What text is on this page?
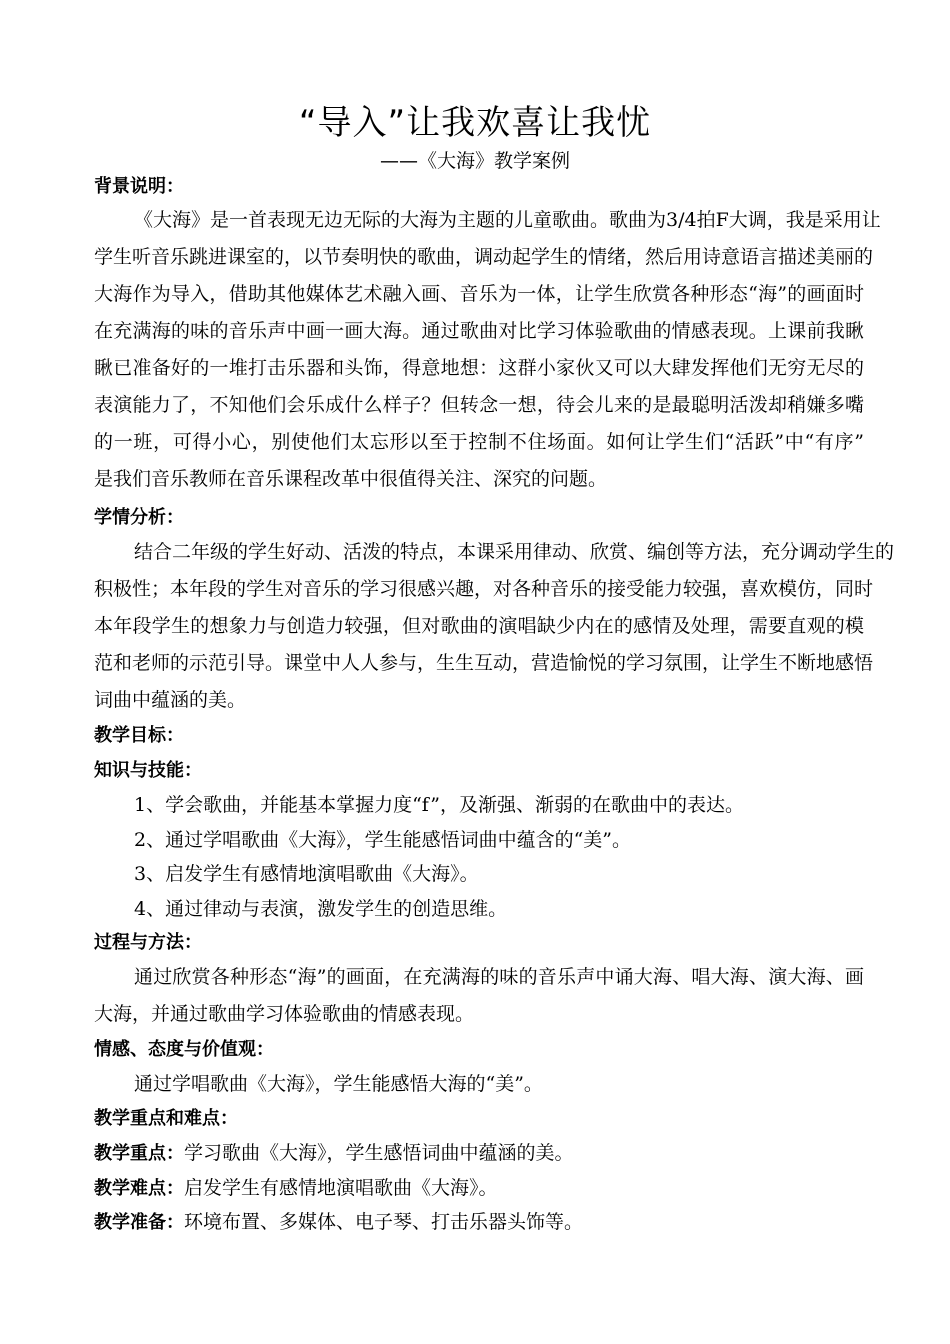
“导入”让我欢喜让我忧
——《大海》教学案例
背景说明：
《大海》是一首表现无边无际的大海为主题的儿童歌曲。歌曲为3/4拍F大调，我是采用让
学生听音乐跳进课室的，以节奏明快的歌曲，调动起学生的情绪，然后用诗意语言描述美丽的
大海作为导入，借助其他媒体艺术融入画、音乐为一体，让学生欣赏各种形态“海”的画面时
在充满海的味的音乐声中画一画大海。通过歌曲对比学习体验歌曲的情感表现。上课前我瞅
瞅已准备好的一堆打击乐器和头饰，得意地想：这群小家伙又可以大肆发挥他们无穷无尽的
表演能力了，不知他们会乐成什么样子？但转念一想，待会儿来的是最聪明活泼却稍嫌多嘴
的一班，可得小心，别使他们太忘形以至于控制不住场面。如何让学生们“活跃”中“有序”
是我们音乐教师在音乐课程改革中很值得关注、深究的问题。
学情分析：
结合二年级的学生好动、活泼的特点，本课采用律动、欣赏、编创等方法，充分调动学生的
积极性；本年段的学生对音乐的学习很感兴趣，对各种音乐的接受能力较强，喜欢模仿，同时
本年段学生的想象力与创造力较强，但对歌曲的演唱缺少内在的感情及处理，需要直观的模
范和老师的示范引导。课堂中人人参与，生生互动，营造愉悦的学习氛围，让学生不断地感悟
词曲中蕴涵的美。
教学目标：
知识与技能：
1、学会歌曲，并能基本掌握力度“f”，及渐强、渐弱的在歌曲中的表达。
2、通过学唱歌曲《大海》，学生能感悟词曲中蕴含的“美”。
3、启发学生有感情地演唱歌曲《大海》。
4、通过律动与表演，激发学生的创造思维。
过程与方法：
通过欣赏各种形态“海”的画面，在充满海的味的音乐声中诵大海、唱大海、演大海、画
大海，并通过歌曲学习体验歌曲的情感表现。
情感、态度与价值观：
通过学唱歌曲《大海》，学生能感悟大海的“美”。
教学重点和难点：
教学重点：学习歌曲《大海》，学生感悟词曲中蕴涵的美。
教学难点：启发学生有感情地演唱歌曲《大海》。
教学准备：环境布置、多媒体、电子琴、打击乐器头饰等。
